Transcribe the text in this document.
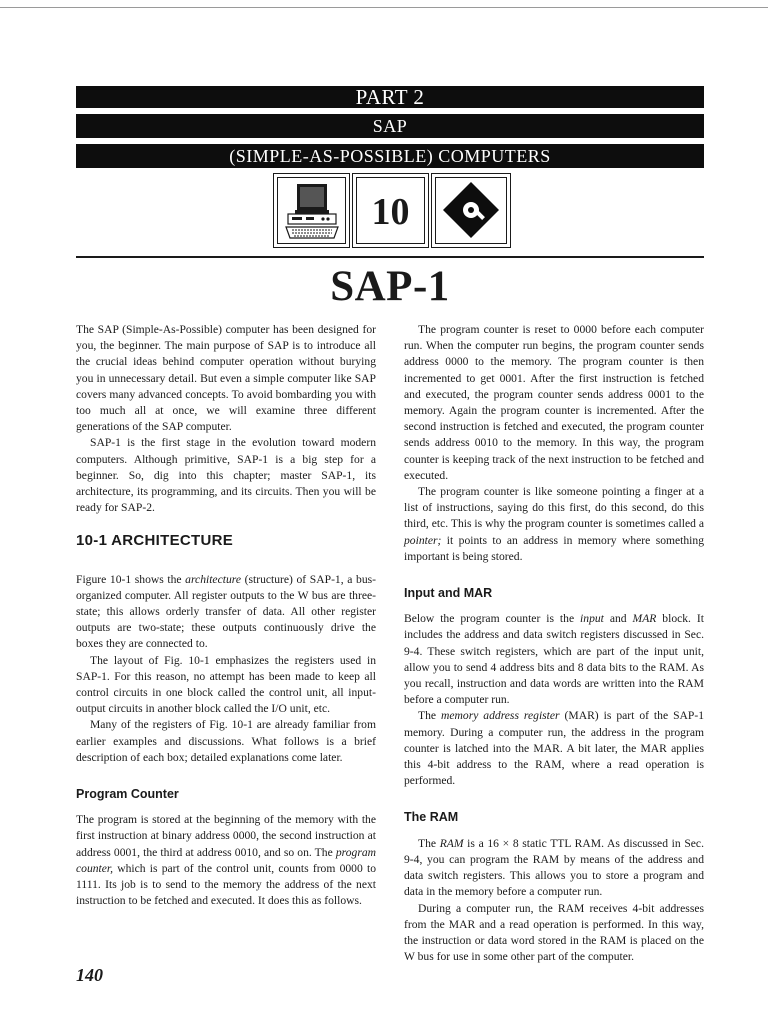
PART 2
SAP
(SIMPLE-AS-POSSIBLE) COMPUTERS
10
SAP-1

The SAP (Simple-As-Possible) computer has been designed for you, the beginner. The main purpose of SAP is to introduce all the crucial ideas behind computer operation without burying you in unnecessary detail. But even a simple computer like SAP covers many advanced concepts. To avoid bombarding you with too much all at once, we will examine three different generations of the SAP computer.

SAP-1 is the first stage in the evolution toward modern computers. Although primitive, SAP-1 is a big step for a beginner. So, dig into this chapter; master SAP-1, its architecture, its programming, and its circuits. Then you will be ready for SAP-2.

10-1 ARCHITECTURE

Figure 10-1 shows the architecture (structure) of SAP-1, a bus-organized computer. All register outputs to the W bus are three-state; this allows orderly transfer of data. All other register outputs are two-state; these outputs continuously drive the boxes they are connected to.

The layout of Fig. 10-1 emphasizes the registers used in SAP-1. For this reason, no attempt has been made to keep all control circuits in one block called the control unit, all input-output circuits in another block called the I/O unit, etc.

Many of the registers of Fig. 10-1 are already familiar from earlier examples and discussions. What follows is a brief description of each box; detailed explanations come later.

Program Counter

The program is stored at the beginning of the memory with the first instruction at binary address 0000, the second instruction at address 0001, the third at address 0010, and so on. The program counter, which is part of the control unit, counts from 0000 to 1111. Its job is to send to the memory the address of the next instruction to be fetched and executed. It does this as follows.

The program counter is reset to 0000 before each computer run. When the computer run begins, the program counter sends address 0000 to the memory. The program counter is then incremented to get 0001. After the first instruction is fetched and executed, the program counter sends address 0001 to the memory. Again the program counter is incremented. After the second instruction is fetched and executed, the program counter sends address 0010 to the memory. In this way, the program counter is keeping track of the next instruction to be fetched and executed.

The program counter is like someone pointing a finger at a list of instructions, saying do this first, do this second, do this third, etc. This is why the program counter is sometimes called a pointer; it points to an address in memory where something important is being stored.

Input and MAR

Below the program counter is the input and MAR block. It includes the address and data switch registers discussed in Sec. 9-4. These switch registers, which are part of the input unit, allow you to send 4 address bits and 8 data bits to the RAM. As you recall, instruction and data words are written into the RAM before a computer run.

The memory address register (MAR) is part of the SAP-1 memory. During a computer run, the address in the program counter is latched into the MAR. A bit later, the MAR applies this 4-bit address to the RAM, where a read operation is performed.

The RAM

The RAM is a 16 × 8 static TTL RAM. As discussed in Sec. 9-4, you can program the RAM by means of the address and data switch registers. This allows you to store a program and data in the memory before a computer run.

During a computer run, the RAM receives 4-bit addresses from the MAR and a read operation is performed. In this way, the instruction or data word stored in the RAM is placed on the W bus for use in some other part of the computer.

140
